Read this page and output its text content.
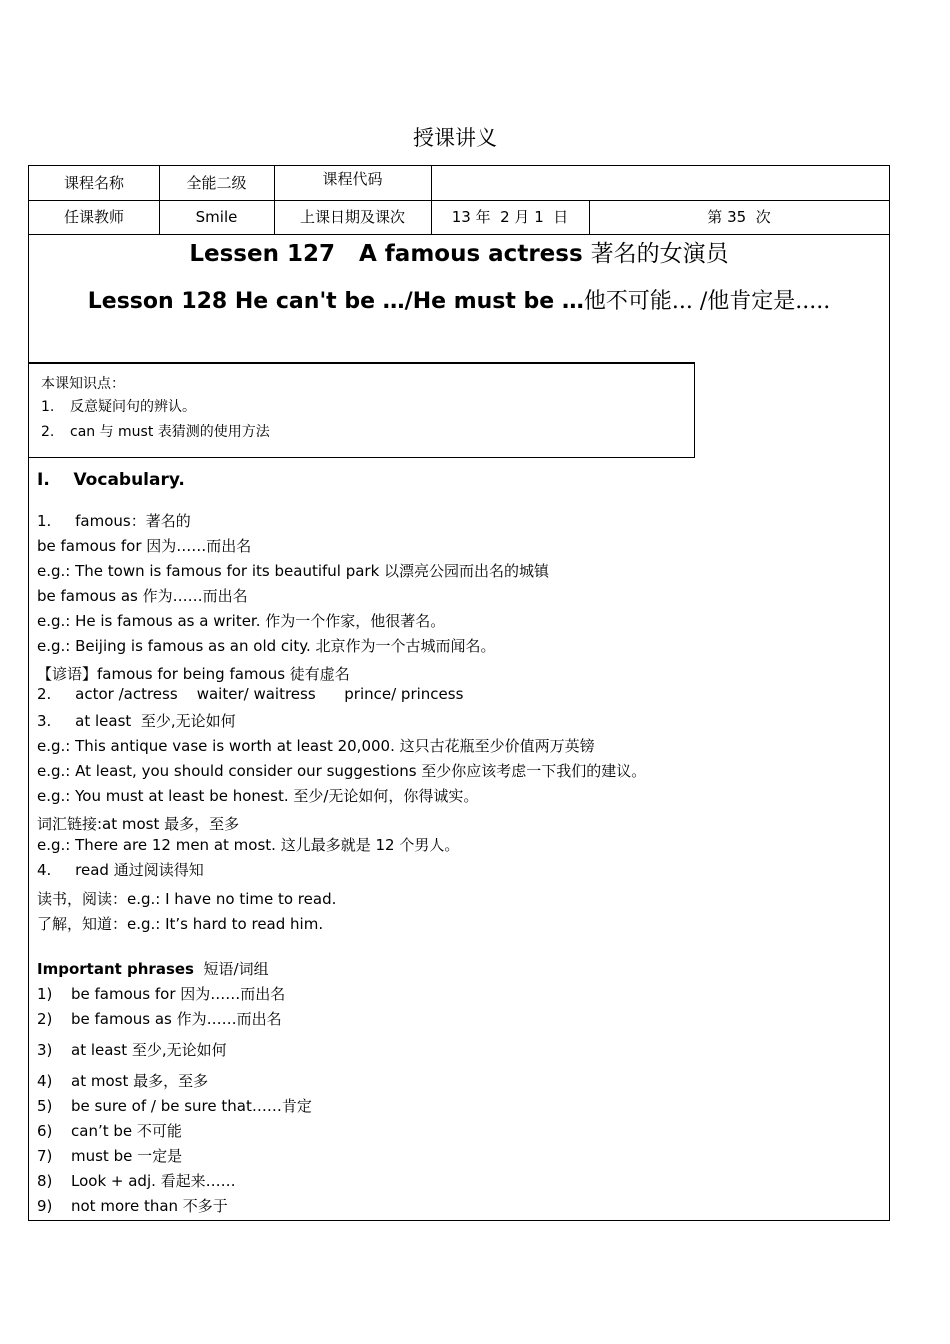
授课讲义
课程名称	全能二级	课程代码
任课教师	Smile	上课日期及课次	13 年  2 月 1  日	第 35  次
Lessen 127   A famous actress 著名的女演员
Lesson 128 He can't be …/He must be …他不可能... /他肯定是.....
本课知识点：
1. 反意疑问句的辨认。
2. can 与 must 表猜测的使用方法
I.    Vocabulary.
1.     famous：著名的
be famous for 因为……而出名
e.g.: The town is famous for its beautiful park 以漂亮公园而出名的城镇
be famous as 作为……而出名
e.g.: He is famous as a writer. 作为一个作家，他很著名。
e.g.: Beijing is famous as an old city. 北京作为一个古城而闻名。
【谚语】famous for being famous 徒有虚名
2.     actor /actress    waiter/ waitress      prince/ princess
3.     at least  至少,无论如何
e.g.: This antique vase is worth at least 20,000. 这只古花瓶至少价值两万英镑
e.g.: At least, you should consider our suggestions 至少你应该考虑一下我们的建议。
e.g.: You must at least be honest. 至少/无论如何，你得诚实。
词汇链接:at most 最多，至多
e.g.: There are 12 men at most. 这儿最多就是 12 个男人。
4.     read 通过阅读得知
读书，阅读：e.g.: I have no time to read.
了解，知道：e.g.: It’s hard to read him.
Important phrases 短语/词组
1) be famous for 因为……而出名
2) be famous as 作为……而出名
3) at least 至少,无论如何
4) at most 最多，至多
5) be sure of / be sure that……肯定
6) can’t be 不可能
7) must be 一定是
8) Look + adj. 看起来……
9) not more than 不多于
